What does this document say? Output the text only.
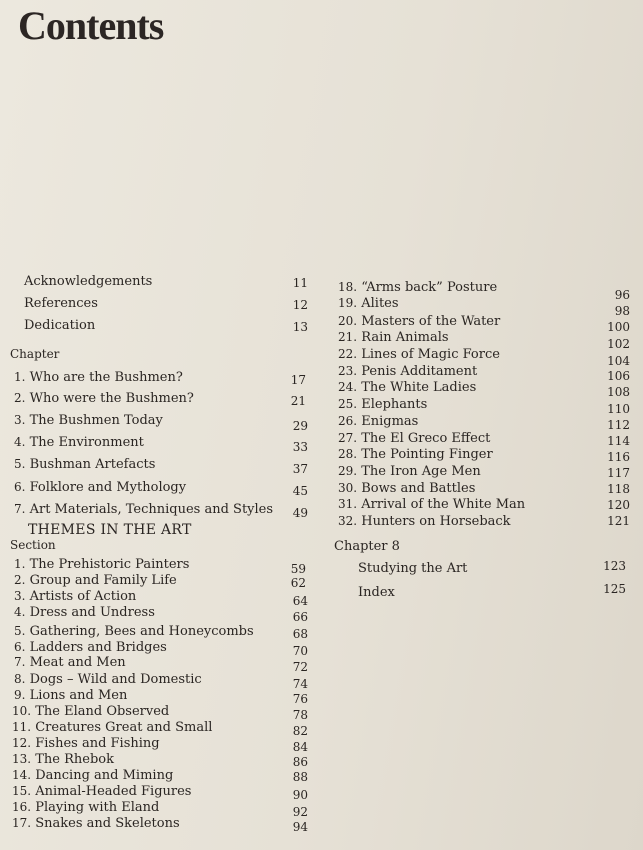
Contents
Acknowledgements	11
References	12
Dedication	13
Chapter
1. Who are the Bushmen?	17
2. Who were the Bushmen?	21
3. The Bushmen Today	29
4. The Environment	33
5. Bushman Artefacts	37
6. Folklore and Mythology	45
7. Art Materials, Techniques and Styles	49
THEMES IN THE ART
Section
1. The Prehistoric Painters	59
2. Group and Family Life	62
3. Artists of Action	64
4. Dress and Undress	66
5. Gathering, Bees and Honeycombs	68
6. Ladders and Bridges	70
7. Meat and Men	72
8. Dogs – Wild and Domestic	74
9. Lions and Men	76
10. The Eland Observed	78
11. Creatures Great and Small	82
12. Fishes and Fishing	84
13. The Rhebok	86
14. Dancing and Miming	88
15. Animal-Headed Figures	90
16. Playing with Eland	92
17. Snakes and Skeletons	94
18. “Arms back” Posture	96
19. Alites	98
20. Masters of the Water	100
21. Rain Animals	102
22. Lines of Magic Force	104
23. Penis Additament	106
24. The White Ladies	108
25. Elephants	110
26. Enigmas	112
27. The El Greco Effect	114
28. The Pointing Finger	116
29. The Iron Age Men	117
30. Bows and Battles	118
31. Arrival of the White Man	120
32. Hunters on Horseback	121
Chapter 8
Studying the Art	123
Index	125
